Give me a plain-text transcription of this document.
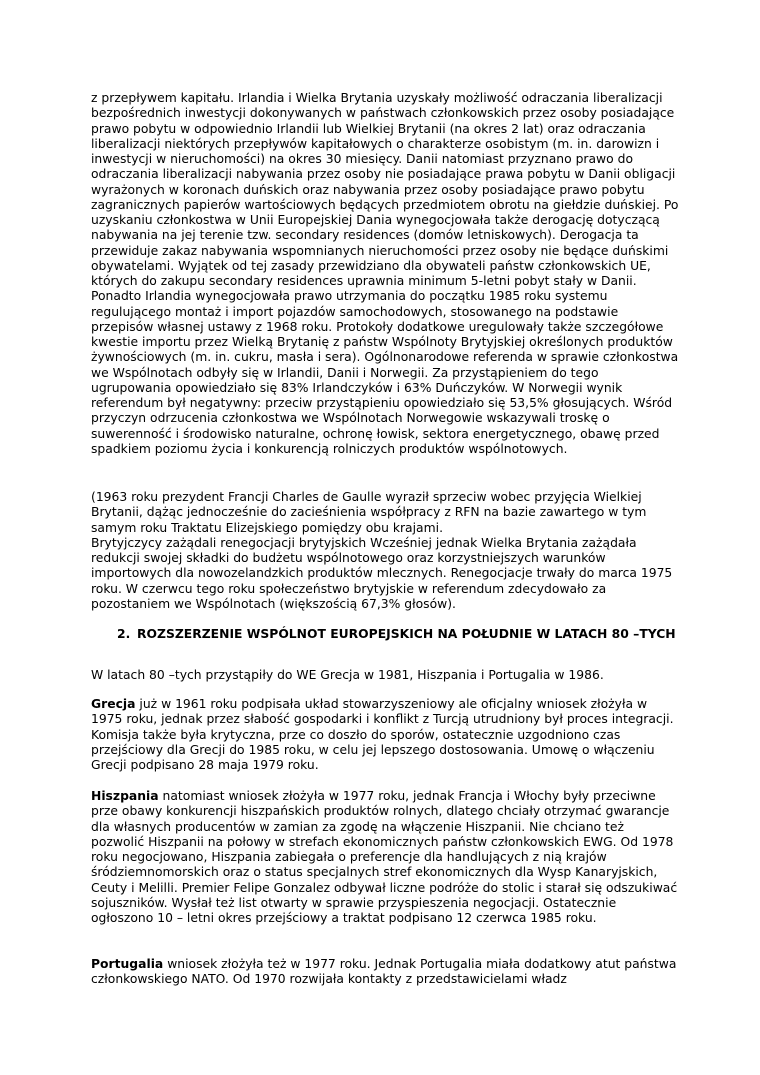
z przepływem kapitału. Irlandia i Wielka Brytania uzyskały możliwość odraczania liberalizacji bezpośrednich inwestycji dokonywanych w państwach członkowskich przez osoby posiadające prawo pobytu w odpowiednio Irlandii lub Wielkiej Brytanii (na okres 2 lat) oraz odraczania liberalizacji niektórych przepływów kapitałowych o charakterze osobistym (m. in. darowizn i inwestycji w nieruchomości) na okres 30 miesięcy. Danii natomiast przyznano prawo do odraczania liberalizacji nabywania przez osoby nie posiadające prawa pobytu w Danii obligacji wyrażonych w koronach duńskich oraz nabywania przez osoby posiadające prawo pobytu zagranicznych papierów wartościowych będących przedmiotem obrotu na giełdzie duńskiej. Po uzyskaniu członkostwa w Unii Europejskiej Dania wynegocjowała także derogację dotyczącą nabywania na jej terenie tzw. secondary residences (domów letniskowych). Derogacja ta przewiduje zakaz nabywania wspomnianych nieruchomości przez osoby nie będące duńskimi obywatelami. Wyjątek od tej zasady przewidziano dla obywateli państw członkowskich UE, których do zakupu secondary residences uprawnia minimum 5-letni pobyt stały w Danii. Ponadto Irlandia wynegocjowała prawo utrzymania do początku 1985 roku systemu regulującego montaż i import pojazdów samochodowych, stosowanego na podstawie przepisów własnej ustawy z 1968 roku. Protokoły dodatkowe uregulowały także szczegółowe kwestie importu przez Wielką Brytanię z państw Wspólnoty Brytyjskiej określonych produktów żywnościowych (m. in. cukru, masła i sera). Ogólnonarodowe referenda w sprawie członkostwa we Wspólnotach odbyły się w Irlandii, Danii i Norwegii. Za przystąpieniem do tego ugrupowania opowiedziało się 83% Irlandczyków i 63% Duńczyków. W Norwegii wynik referendum był negatywny: przeciw przystąpieniu opowiedziało się 53,5% głosujących. Wśród przyczyn odrzucenia członkostwa we Wspólnotach Norwegowie wskazywali troskę o suwerenność i środowisko naturalne, ochronę łowisk, sektora energetycznego, obawę przed spadkiem poziomu życia i konkurencją rolniczych produktów wspólnotowych.

(1963 roku prezydent Francji Charles de Gaulle wyraził sprzeciw wobec przyjęcia Wielkiej Brytanii, dążąc jednocześnie do zacieśnienia współpracy z RFN na bazie zawartego w tym samym roku Traktatu Elizejskiego pomiędzy obu krajami.

Brytyjczycy zażądali renegocjacji brytyjskich Wcześniej jednak Wielka Brytania zażądała redukcji swojej składki do budżetu wspólnotowego oraz korzystniejszych warunków importowych dla nowozelandzkich produktów mlecznych. Renegocjacje trwały do marca 1975 roku. W czerwcu tego roku społeczeństwo brytyjskie w referendum zdecydowało za pozostaniem we Wspólnotach (większością 67,3% głosów).

2. ROZSZERZENIE WSPÓLNOT EUROPEJSKICH NA POŁUDNIE W LATACH 80 –TYCH

W latach 80 –tych przystąpiły do WE Grecja w 1981, Hiszpania i Portugalia w 1986.

Grecja już w 1961 roku podpisała układ stowarzyszeniowy ale oficjalny wniosek złożyła w 1975 roku, jednak przez słabość gospodarki i konflikt z Turcją utrudniony był proces integracji. Komisja także była krytyczna, prze co doszło do sporów, ostatecznie uzgodniono czas przejściowy dla Grecji do 1985 roku, w celu jej lepszego dostosowania. Umowę o włączeniu Grecji podpisano 28 maja 1979 roku.

Hiszpania natomiast wniosek złożyła w 1977 roku, jednak Francja i Włochy były przeciwne prze obawy konkurencji hiszpańskich produktów rolnych, dlatego chciały otrzymać gwarancje dla własnych producentów w zamian za zgodę na włączenie Hiszpanii. Nie chciano też pozwolić Hiszpanii na połowy w strefach ekonomicznych państw członkowskich EWG. Od 1978 roku negocjowano, Hiszpania zabiegała o preferencje dla handlujących z nią krajów śródziemnomorskich oraz o status specjalnych stref ekonomicznych dla Wysp Kanaryjskich, Ceuty i Melilli. Premier Felipe Gonzalez odbywał liczne podróże do stolic i starał się odszukiwać sojuszników. Wysłał też list otwarty w sprawie przyspieszenia negocjacji. Ostatecznie ogłoszono 10 – letni okres przejściowy a traktat podpisano 12 czerwca 1985 roku.

Portugalia wniosek złożyła też w 1977 roku. Jednak Portugalia miała dodatkowy atut państwa członkowskiego NATO. Od 1970 rozwijała kontakty z przedstawicielami władz
